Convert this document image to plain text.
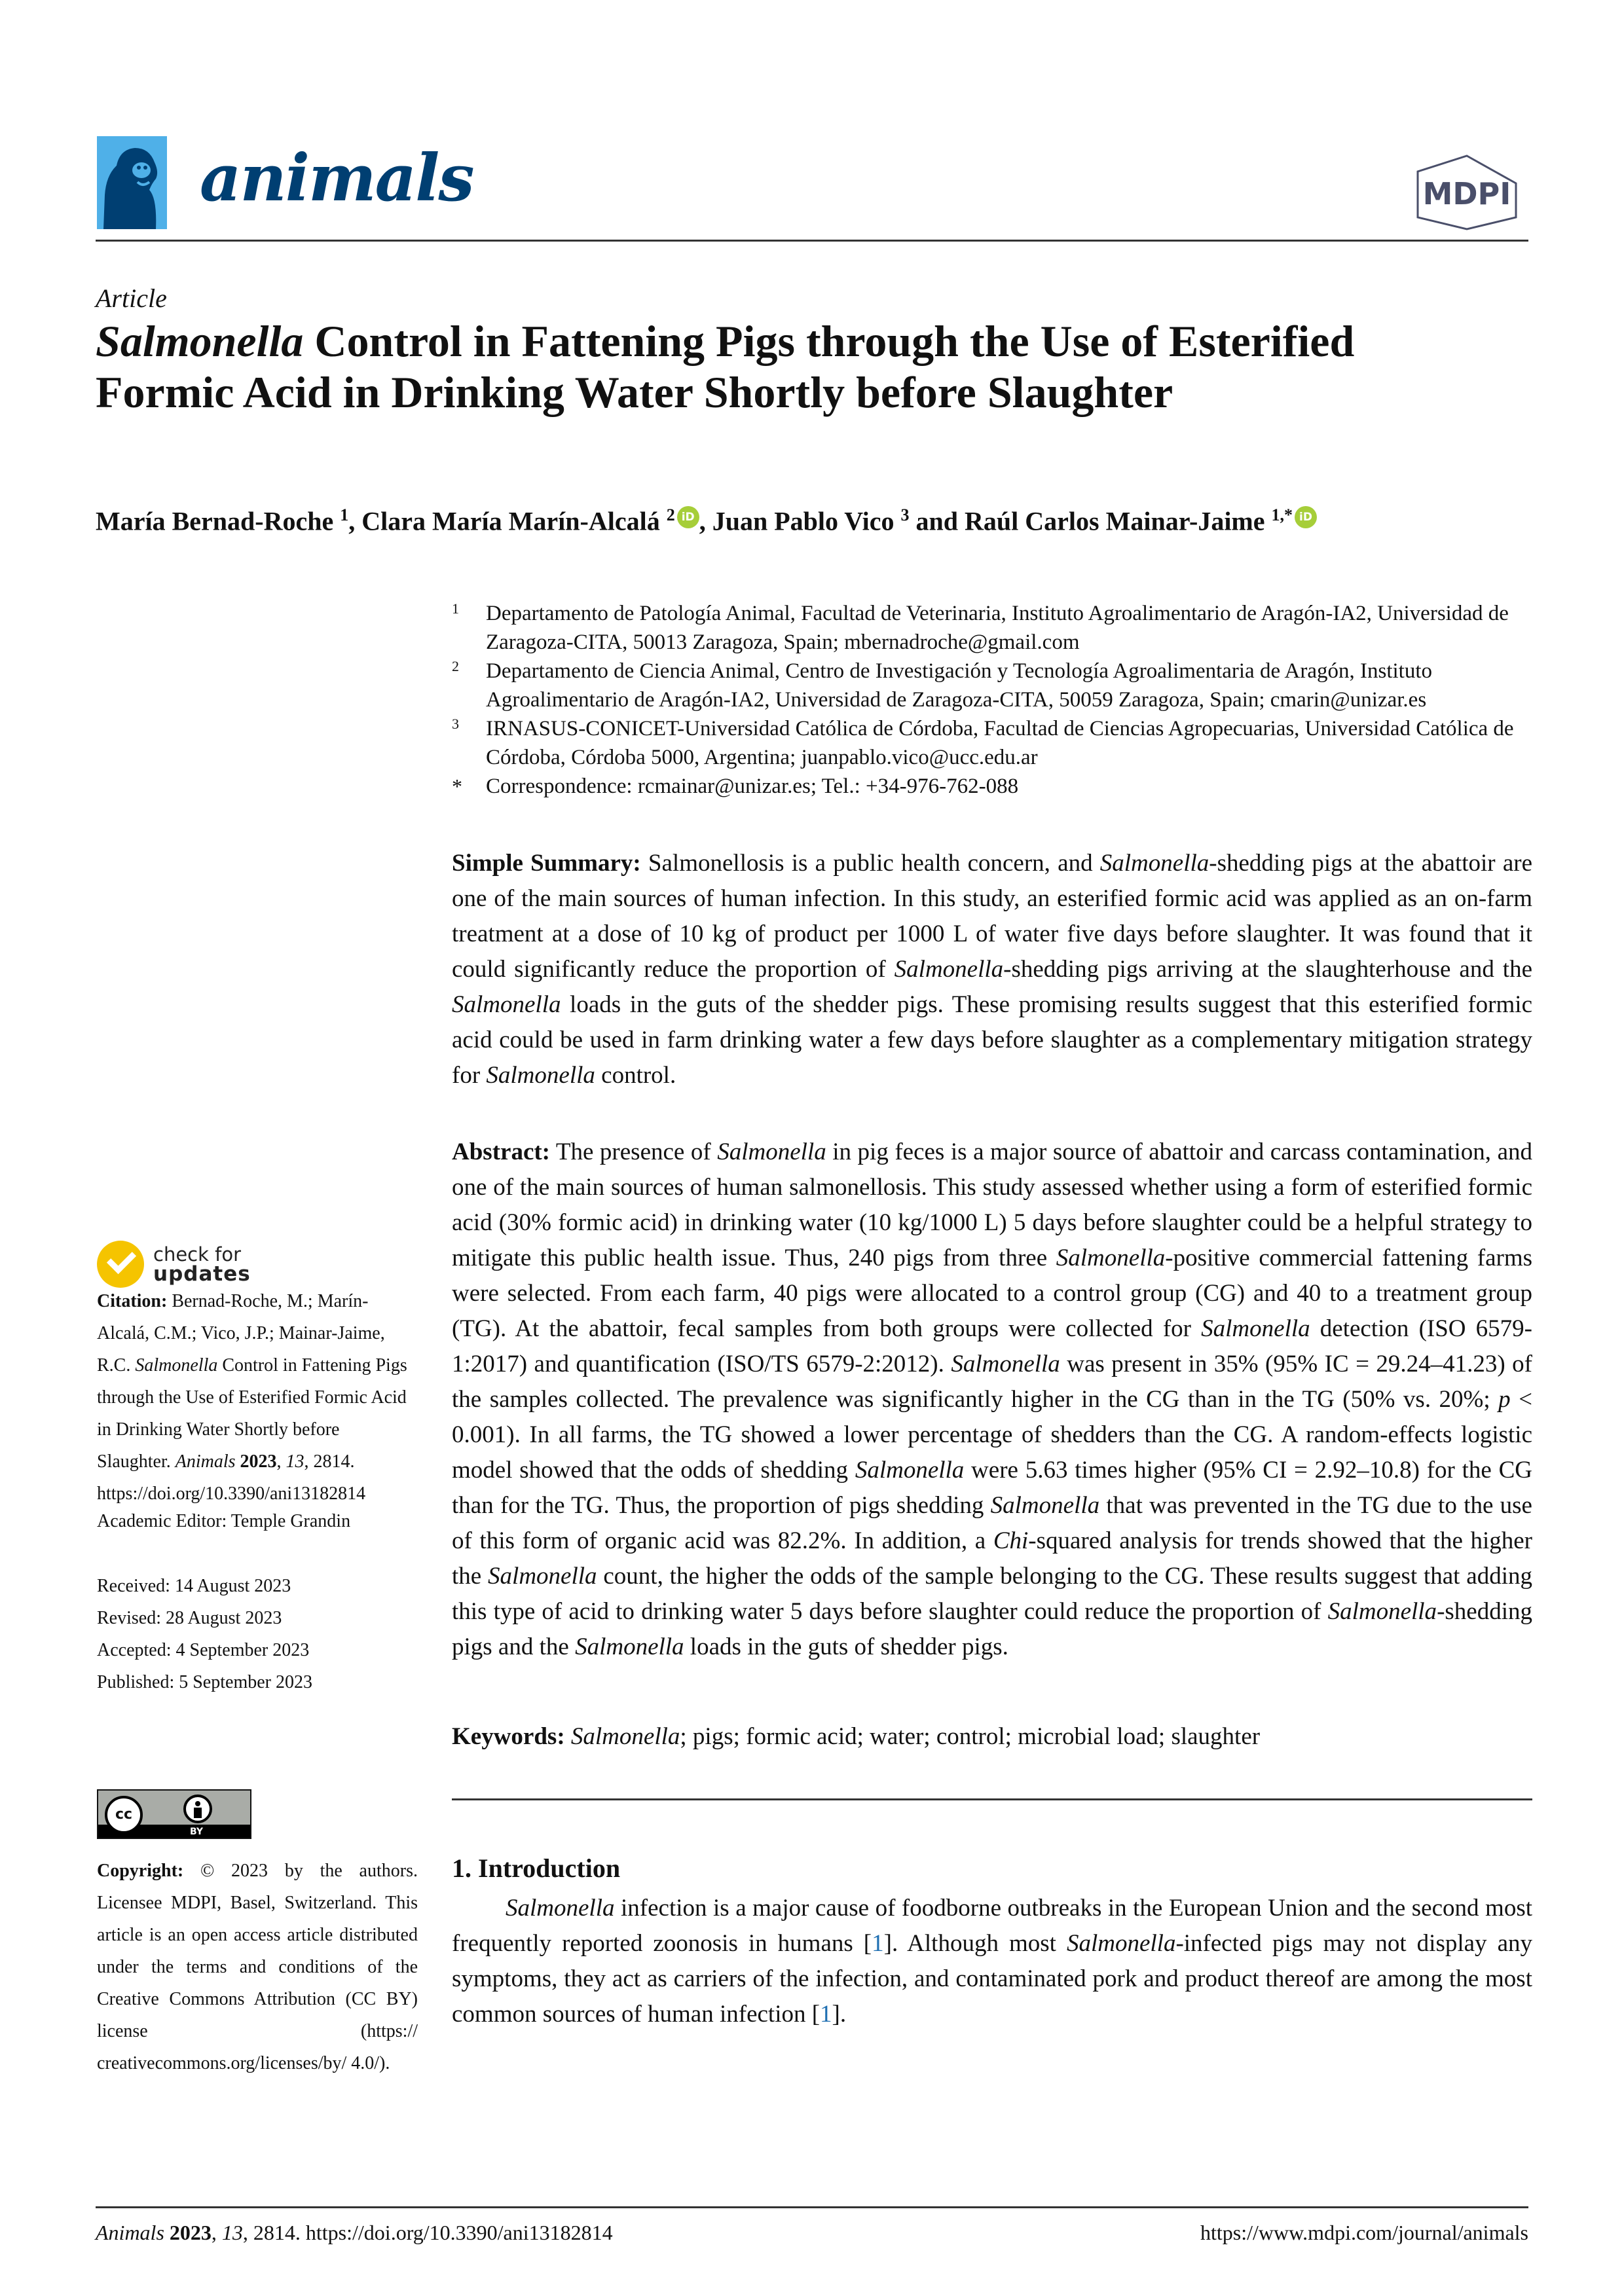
animals	MDPI
Article
Salmonella Control in Fattening Pigs through the Use of Esterified Formic Acid in Drinking Water Shortly before Slaughter
María Bernad-Roche $^1$, Clara María Marín-Alcalá $^2$ iD , Juan Pablo Vico $^3$ and Raúl Carlos Mainar-Jaime $^{1,*}$ iD
1	Departamento de Patología Animal, Facultad de Veterinaria, Instituto Agroalimentario de Aragón-IA2, Universidad de Zaragoza-CITA, 50013 Zaragoza, Spain; mbernadroche@gmail.com
2	Departamento de Ciencia Animal, Centro de Investigación y Tecnología Agroalimentaria de Aragón, Instituto Agroalimentario de Aragón-IA2, Universidad de Zaragoza-CITA, 50059 Zaragoza, Spain; cmarin@unizar.es
3	IRNASUS-CONICET-Universidad Católica de Córdoba, Facultad de Ciencias Agropecuarias, Universidad Católica de Córdoba, Córdoba 5000, Argentina; juanpablo.vico@ucc.edu.ar
*	Correspondence: rcmainar@unizar.es; Tel.: +34-976-762-088
Simple Summary: Salmonellosis is a public health concern, and Salmonella-shedding pigs at the abattoir are one of the main sources of human infection. In this study, an esterified formic acid was applied as an on-farm treatment at a dose of 10 kg of product per 1000 L of water five days before slaughter. It was found that it could significantly reduce the proportion of Salmonella-shedding pigs arriving at the slaughterhouse and the Salmonella loads in the guts of the shedder pigs. These promising results suggest that this esterified formic acid could be used in farm drinking water a few days before slaughter as a complementary mitigation strategy for Salmonella control.
Abstract: The presence of Salmonella in pig feces is a major source of abattoir and carcass contamination, and one of the main sources of human salmonellosis. This study assessed whether using a form of esterified formic acid (30% formic acid) in drinking water (10 kg/1000 L) 5 days before slaughter could be a helpful strategy to mitigate this public health issue. Thus, 240 pigs from three Salmonella-positive commercial fattening farms were selected. From each farm, 40 pigs were allocated to a control group (CG) and 40 to a treatment group (TG). At the abattoir, fecal samples from both groups were collected for Salmonella detection (ISO 6579-1:2017) and quantification (ISO/TS 6579-2:2012). Salmonella was present in 35% (95% IC = 29.24–41.23) of the samples collected. The prevalence was significantly higher in the CG than in the TG (50% vs. 20%; p < 0.001). In all farms, the TG showed a lower percentage of shedders than the CG. A random-effects logistic model showed that the odds of shedding Salmonella were 5.63 times higher (95% CI = 2.92–10.8) for the CG than for the TG. Thus, the proportion of pigs shedding Salmonella that was prevented in the TG due to the use of this form of organic acid was 82.2%. In addition, a Chi-squared analysis for trends showed that the higher the Salmonella count, the higher the odds of the sample belonging to the CG. These results suggest that adding this type of acid to drinking water 5 days before slaughter could reduce the proportion of Salmonella-shedding pigs and the Salmonella loads in the guts of shedder pigs.
Keywords: Salmonella; pigs; formic acid; water; control; microbial load; slaughter
1. Introduction

Salmonella infection is a major cause of foodborne outbreaks in the European Union and the second most frequently reported zoonosis in humans [1]. Although most Salmonella-infected pigs may not display any symptoms, they act as carriers of the infection, and contaminated pork and product thereof are among the most common sources of human infection [1].

check for
updates
Citation: Bernad-Roche, M.; Marín-Alcalá, C.M.; Vico, J.P.; Mainar-Jaime, R.C. Salmonella Control in Fattening Pigs through the Use of Esterified Formic Acid in Drinking Water Shortly before Slaughter. Animals 2023, 13, 2814.
https://doi.org/10.3390/ani13182814
Academic Editor: Temple Grandin
Received: 14 August 2023
Revised: 28 August 2023
Accepted: 4 September 2023
Published: 5 September 2023
cc
BY
Copyright: © 2023 by the authors. Licensee MDPI, Basel, Switzerland. This article is an open access article distributed under the terms and conditions of the Creative Commons Attribution (CC BY) license (https:// creativecommons.org/licenses/by/ 4.0/).
Animals 2023, 13, 2814. https://doi.org/10.3390/ani13182814	https://www.mdpi.com/journal/animals
